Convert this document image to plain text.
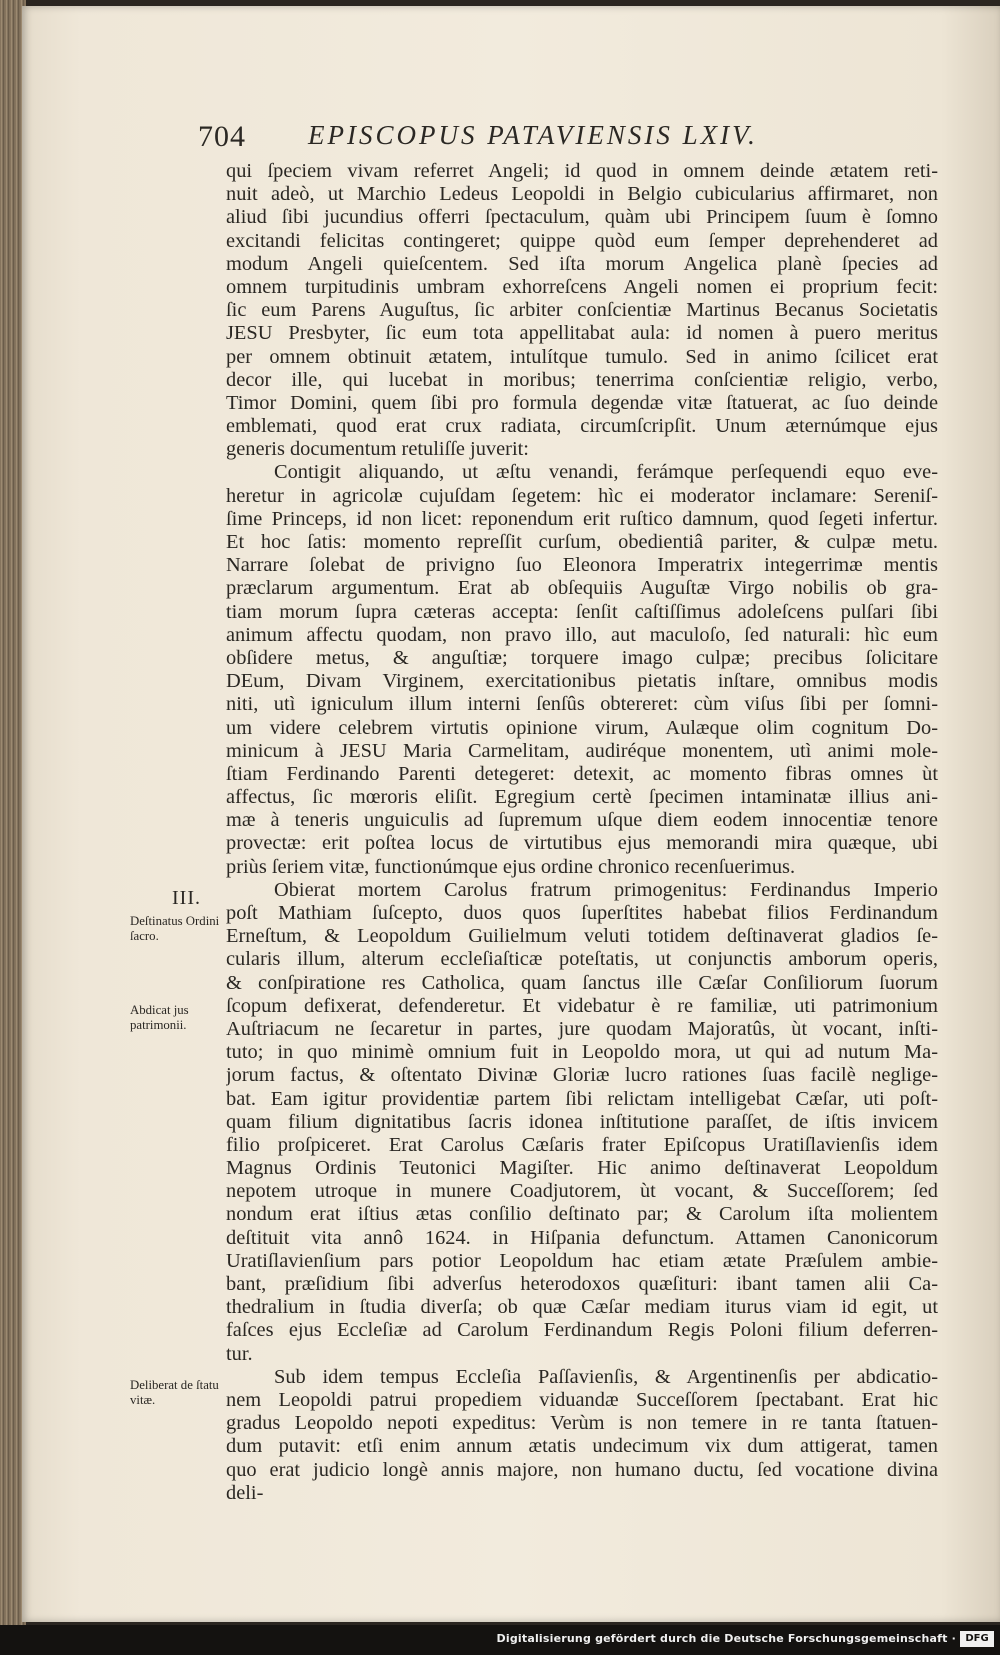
704 EPISCOPUS PATAVIENSIS LXIV.
qui ſpeciem vivam referret Angeli; id quod in omnem deinde ætatem reti-
nuit adeò, ut Marchio Ledeus Leopoldi in Belgio cubicularius affirmaret, non
aliud ſibi jucundius offerri ſpectaculum, quàm ubi Principem ſuum è ſomno
excitandi felicitas contingeret; quippe quòd eum ſemper deprehenderet ad
modum Angeli quieſcentem. Sed iſta morum Angelica planè ſpecies ad
omnem turpitudinis umbram exhorreſcens Angeli nomen ei proprium fecit:
ſic eum Parens Auguſtus, ſic arbiter conſcientiæ Martinus Becanus Societatis
JESU Presbyter, ſic eum tota appellitabat aula: id nomen à puero meritus
per omnem obtinuit ætatem, intulítque tumulo. Sed in animo ſcilicet erat
decor ille, qui lucebat in moribus; tenerrima conſcientiæ religio, verbo,
Timor Domini, quem ſibi pro formula degendæ vitæ ſtatuerat, ac ſuo deinde
emblemati, quod erat crux radiata, circumſcripſit. Unum æternúmque ejus
generis documentum retuliſſe juverit:
Contigit aliquando, ut æſtu venandi, ferámque perſequendi equo eve-
heretur in agricolæ cujuſdam ſegetem: hìc ei moderator inclamare: Sereniſ-
ſime Princeps, id non licet: reponendum erit ruſtico damnum, quod ſegeti infertur.
Et hoc ſatis: momento repreſſit curſum, obedientiâ pariter, & culpæ metu.
Narrare ſolebat de privigno ſuo Eleonora Imperatrix integerrimæ mentis
præclarum argumentum. Erat ab obſequiis Auguſtæ Virgo nobilis ob gra-
tiam morum ſupra cæteras accepta: ſenſit caſtiſſimus adoleſcens pulſari ſibi
animum affectu quodam, non pravo illo, aut maculoſo, ſed naturali: hìc eum
obſidere metus, & anguſtiæ; torquere imago culpæ; precibus ſolicitare
DEum, Divam Virginem, exercitationibus pietatis inſtare, omnibus modis
niti, utì igniculum illum interni ſenſûs obtereret: cùm viſus ſibi per ſomni-
um videre celebrem virtutis opinione virum, Aulæque olim cognitum Do-
minicum à JESU Maria Carmelitam, audiréque monentem, utì animi mole-
ſtiam Ferdinando Parenti detegeret: detexit, ac momento fibras omnes ùt
affectus, ſic mœroris eliſit. Egregium certè ſpecimen intaminatæ illius ani-
mæ à teneris unguiculis ad ſupremum uſque diem eodem innocentiæ tenore
provectæ: erit poſtea locus de virtutibus ejus memorandi mira quæque, ubi
priùs ſeriem vitæ, functionúmque ejus ordine chronico recenſuerimus.
Obierat mortem Carolus fratrum primogenitus: Ferdinandus Imperio
poſt Mathiam ſuſcepto, duos quos ſuperſtites habebat filios Ferdinandum
Erneſtum, & Leopoldum Guilielmum veluti totidem deſtinaverat gladios ſe-
cularis illum, alterum eccleſiaſticæ poteſtatis, ut conjunctis amborum operis,
& conſpiratione res Catholica, quam ſanctus ille Cæſar Conſiliorum ſuorum
ſcopum defixerat, defenderetur. Et videbatur è re familiæ, uti patrimonium
Auſtriacum ne ſecaretur in partes, jure quodam Majoratûs, ùt vocant, inſti-
tuto; in quo minimè omnium fuit in Leopoldo mora, ut qui ad nutum Ma-
jorum factus, & oſtentato Divinæ Gloriæ lucro rationes ſuas facilè neglige-
bat. Eam igitur providentiæ partem ſibi relictam intelligebat Cæſar, uti poſt-
quam filium dignitatibus ſacris idonea inſtitutione paraſſet, de iſtis invicem
filio proſpiceret. Erat Carolus Cæſaris frater Epiſcopus Uratiſlavienſis idem
Magnus Ordinis Teutonici Magiſter. Hic animo deſtinaverat Leopoldum
nepotem utroque in munere Coadjutorem, ùt vocant, & Succeſſorem; ſed
nondum erat iſtius ætas conſilio deſtinato par; & Carolum iſta molientem
deſtituit vita annô 1624. in Hiſpania defunctum. Attamen Canonicorum
Uratiſlavienſium pars potior Leopoldum hac etiam ætate Præſulem ambie-
bant, præſidium ſibi adverſus heterodoxos quæſituri: ibant tamen alii Ca-
thedralium in ſtudia diverſa; ob quæ Cæſar mediam iturus viam id egit, ut
faſces ejus Eccleſiæ ad Carolum Ferdinandum Regis Poloni filium deferren-
tur.
Sub idem tempus Eccleſia Paſſavienſis, & Argentinenſis per abdicatio-
nem Leopoldi patrui propediem viduandæ Succeſſorem ſpectabant. Erat hic
gradus Leopoldo nepoti expeditus: Verùm is non temere in re tanta ſtatuen-
dum putavit: etſi enim annum ætatis undecimum vix dum attigerat, tamen
quo erat judicio longè annis majore, non humano ductu, ſed vocatione divina
deli-
III.
Deſtinatus Ordini ſacro.
Abdicat jus patrimonii.
Deliberat de ſtatu vitæ.
Digitalisierung gefördert durch die Deutsche Forschungsgemeinschaft · DFG
